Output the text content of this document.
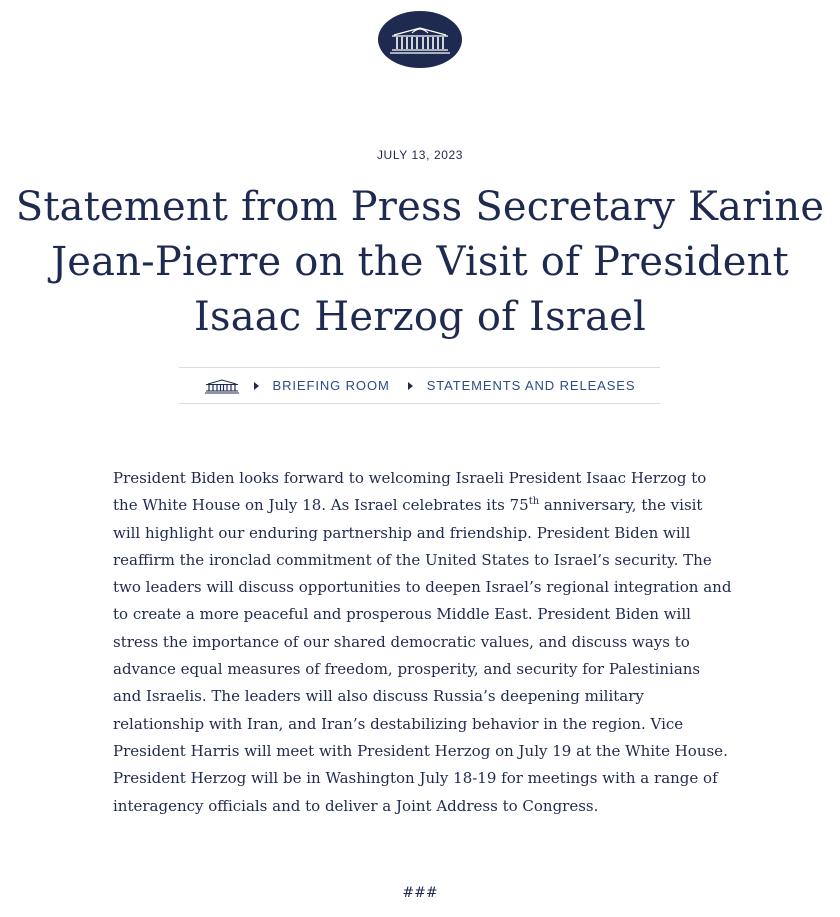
JULY 13, 2023
Statement from Press Secretary Karine Jean-Pierre on the Visit of President Isaac Herzog of Israel
BRIEFING ROOM	STATEMENTS AND RELEASES

President Biden looks forward to welcoming Israeli President Isaac Herzog to the White House on July 18. As Israel celebrates its 75th anniversary, the visit will highlight our enduring partnership and friendship. President Biden will reaffirm the ironclad commitment of the United States to Israel’s security. The two leaders will discuss opportunities to deepen Israel’s regional integration and to create a more peaceful and prosperous Middle East. President Biden will stress the importance of our shared democratic values, and discuss ways to advance equal measures of freedom, prosperity, and security for Palestinians and Israelis. The leaders will also discuss Russia’s deepening military relationship with Iran, and Iran’s destabilizing behavior in the region. Vice President Harris will meet with President Herzog on July 19 at the White House. President Herzog will be in Washington July 18-19 for meetings with a range of interagency officials and to deliver a Joint Address to Congress.

###
